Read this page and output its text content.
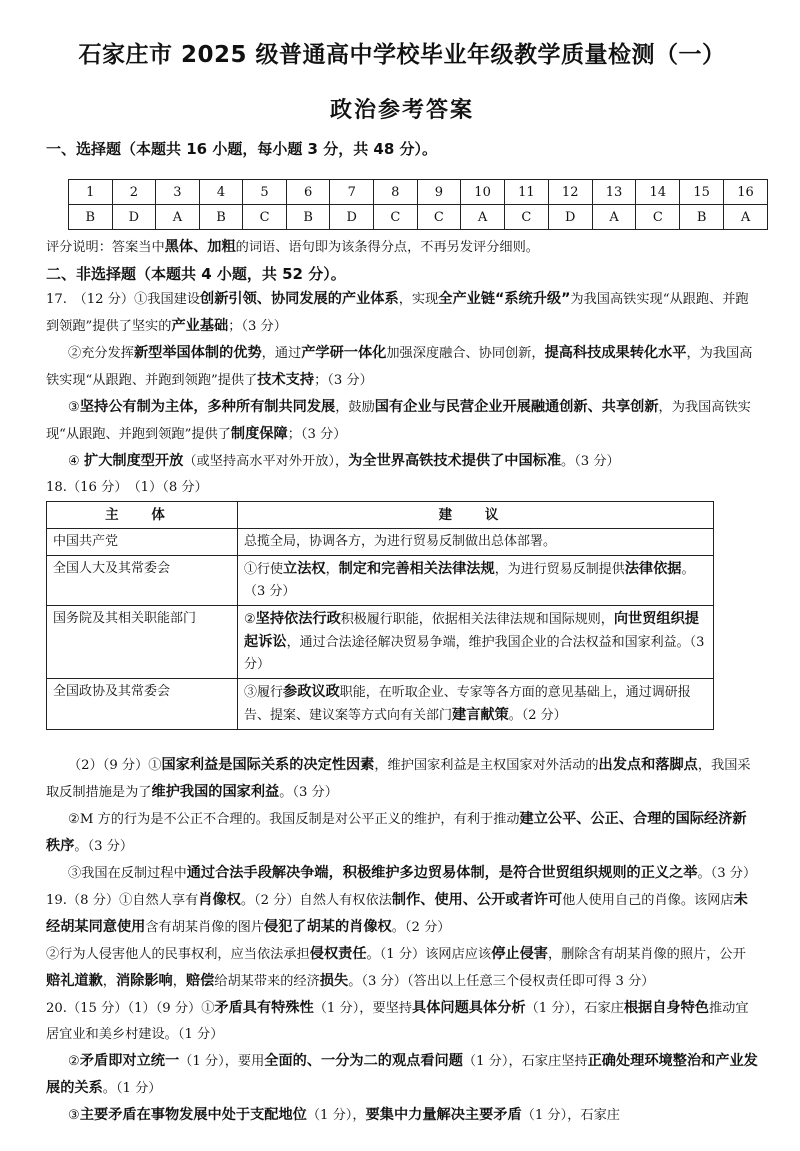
石家庄市 2025 级普通高中学校毕业年级教学质量检测（一）
政治参考答案
一、选择题（本题共 16 小题，每小题 3 分，共 48 分）。
1	2	3	4	5	6	7	8	9	10	11	12	13	14	15	16
B	D	A	B	C	B	D	C	C	A	C	D	A	C	B	A
评分说明：答案当中黑体、加粗的词语、语句即为该条得分点，不再另发评分细则。
二、非选择题（本题共 4 小题，共 52 分）。
17.　（12 分）①我国建设创新引领、协同发展的产业体系，实现全产业链“系统升级”为我国高铁实现“从跟跑、并跑到领跑”提供了坚实的产业基础；（3 分）
②充分发挥新型举国体制的优势，通过产学研一体化加强深度融合、协同创新，提高科技成果转化水平，为我国高铁实现“从跟跑、并跑到领跑”提供了技术支持；（3 分）
③坚持公有制为主体，多种所有制共同发展，鼓励国有企业与民营企业开展融通创新、共享创新，为我国高铁实现“从跟跑、并跑到领跑”提供了制度保障；（3 分）
④ 扩大制度型开放（或坚持高水平对外开放），为全世界高铁技术提供了中国标准。（3 分）
18.（16 分）　（1）（8 分）
主 体	建 议
中国共产党	总揽全局，协调各方，为进行贸易反制做出总体部署。
全国人大及其常委会	①行使立法权，制定和完善相关法律法规，为进行贸易反制提供法律依据。（3 分）
国务院及其相关职能部门	②坚持依法行政积极履行职能，依据相关法律法规和国际规则，向世贸组织提起诉讼，通过合法途径解决贸易争端，维护我国企业的合法权益和国家利益。（3 分）
全国政协及其常委会	③履行参政议政职能，在听取企业、专家等各方面的意见基础上，通过调研报告、提案、建议案等方式向有关部门建言献策。（2 分）
（2）（9 分）①国家利益是国际关系的决定性因素，维护国家利益是主权国家对外活动的出发点和落脚点，我国采取反制措施是为了维护我国的国家利益。（3 分）
②M 方的行为是不公正不合理的。我国反制是对公平正义的维护，有利于推动建立公平、公正、合理的国际经济新秩序。（3 分）
③我国在反制过程中通过合法手段解决争端，积极维护多边贸易体制，是符合世贸组织规则的正义之举。（3 分）
19.（8 分）①自然人享有肖像权。（2 分）自然人有权依法制作、使用、公开或者许可他人使用自己的肖像。该网店未经胡某同意使用含有胡某肖像的图片侵犯了胡某的肖像权。（2 分）
②行为人侵害他人的民事权利，应当依法承担侵权责任。（1 分）该网店应该停止侵害，删除含有胡某肖像的照片，公开赔礼道歉，消除影响，赔偿给胡某带来的经济损失。（3 分）（答出以上任意三个侵权责任即可得 3 分）
20.（15 分）（1）（9 分）①矛盾具有特殊性（1 分），要坚持具体问题具体分析（1 分），石家庄根据自身特色推动宜居宜业和美乡村建设。（1 分）
②矛盾即对立统一（1 分），要用全面的、一分为二的观点看问题（1 分），石家庄坚持正确处理环境整治和产业发展的关系。（1 分）
③主要矛盾在事物发展中处于支配地位（1 分），要集中力量解决主要矛盾（1 分），石家庄
